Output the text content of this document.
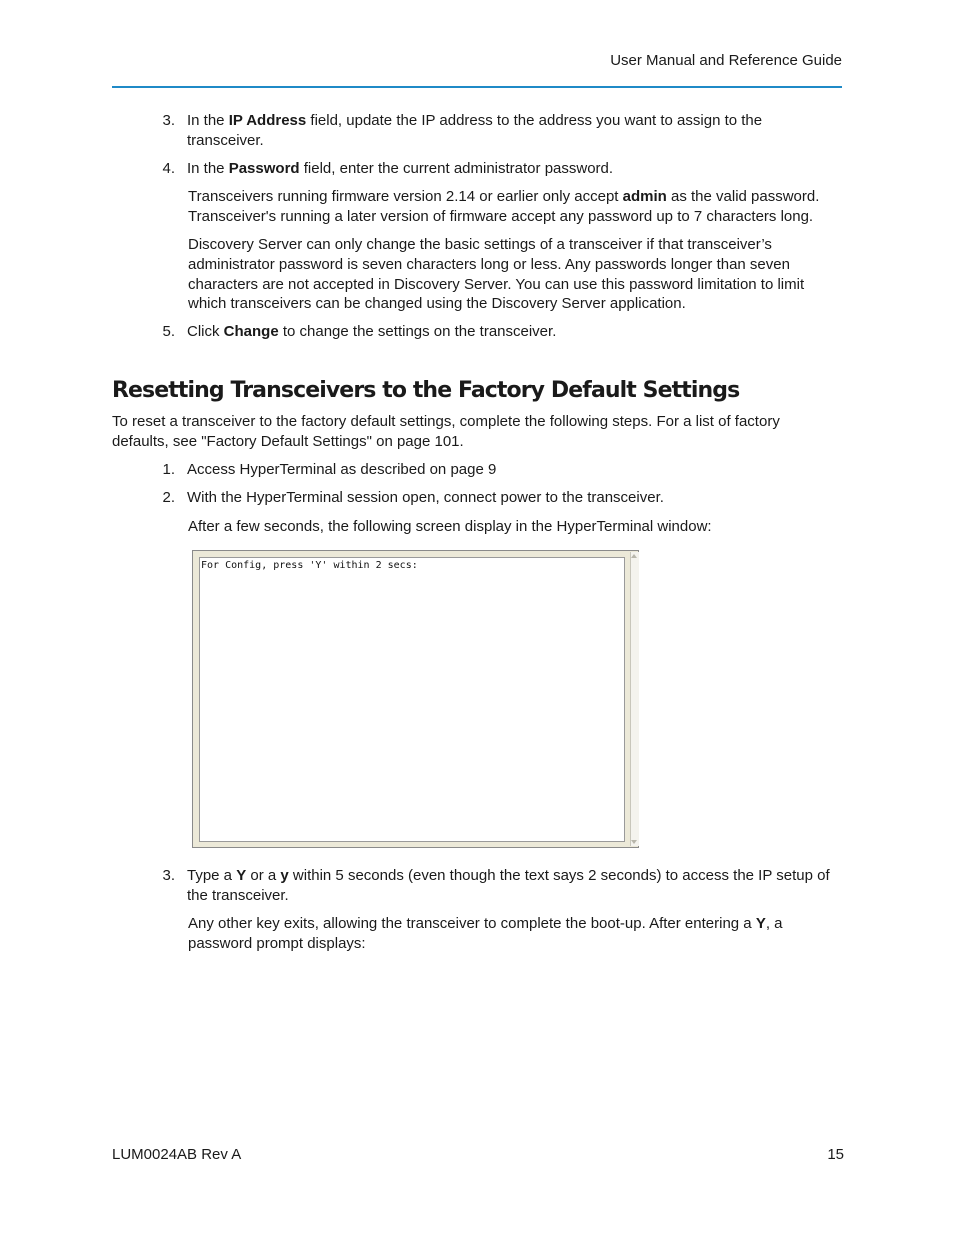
User Manual and Reference Guide
3. In the IP Address field, update the IP address to the address you want to assign to the
transceiver.
4. In the Password field, enter the current administrator password.
Transceivers running firmware version 2.14 or earlier only accept admin as the valid password.
Transceiver's running a later version of firmware accept any password up to 7 characters long.
Discovery Server can only change the basic settings of a transceiver if that transceiver’s
administrator password is seven characters long or less. Any passwords longer than seven
characters are not accepted in Discovery Server. You can use this password limitation to limit
which transceivers can be changed using the Discovery Server application.
5. Click Change to change the settings on the transceiver.
Resetting Transceivers to the Factory Default Settings
To reset a transceiver to the factory default settings, complete the following steps. For a list of factory
defaults, see "Factory Default Settings" on page 101.
1. Access HyperTerminal as described on page 9
2. With the HyperTerminal session open, connect power to the transceiver.
After a few seconds, the following screen display in the HyperTerminal window:
For Config, press 'Y' within 2 secs:
3. Type a Y or a y within 5 seconds (even though the text says 2 seconds) to access the IP setup of
the transceiver.
Any other key exits, allowing the transceiver to complete the boot-up. After entering a Y, a
password prompt displays:
LUM0024AB Rev A	15
